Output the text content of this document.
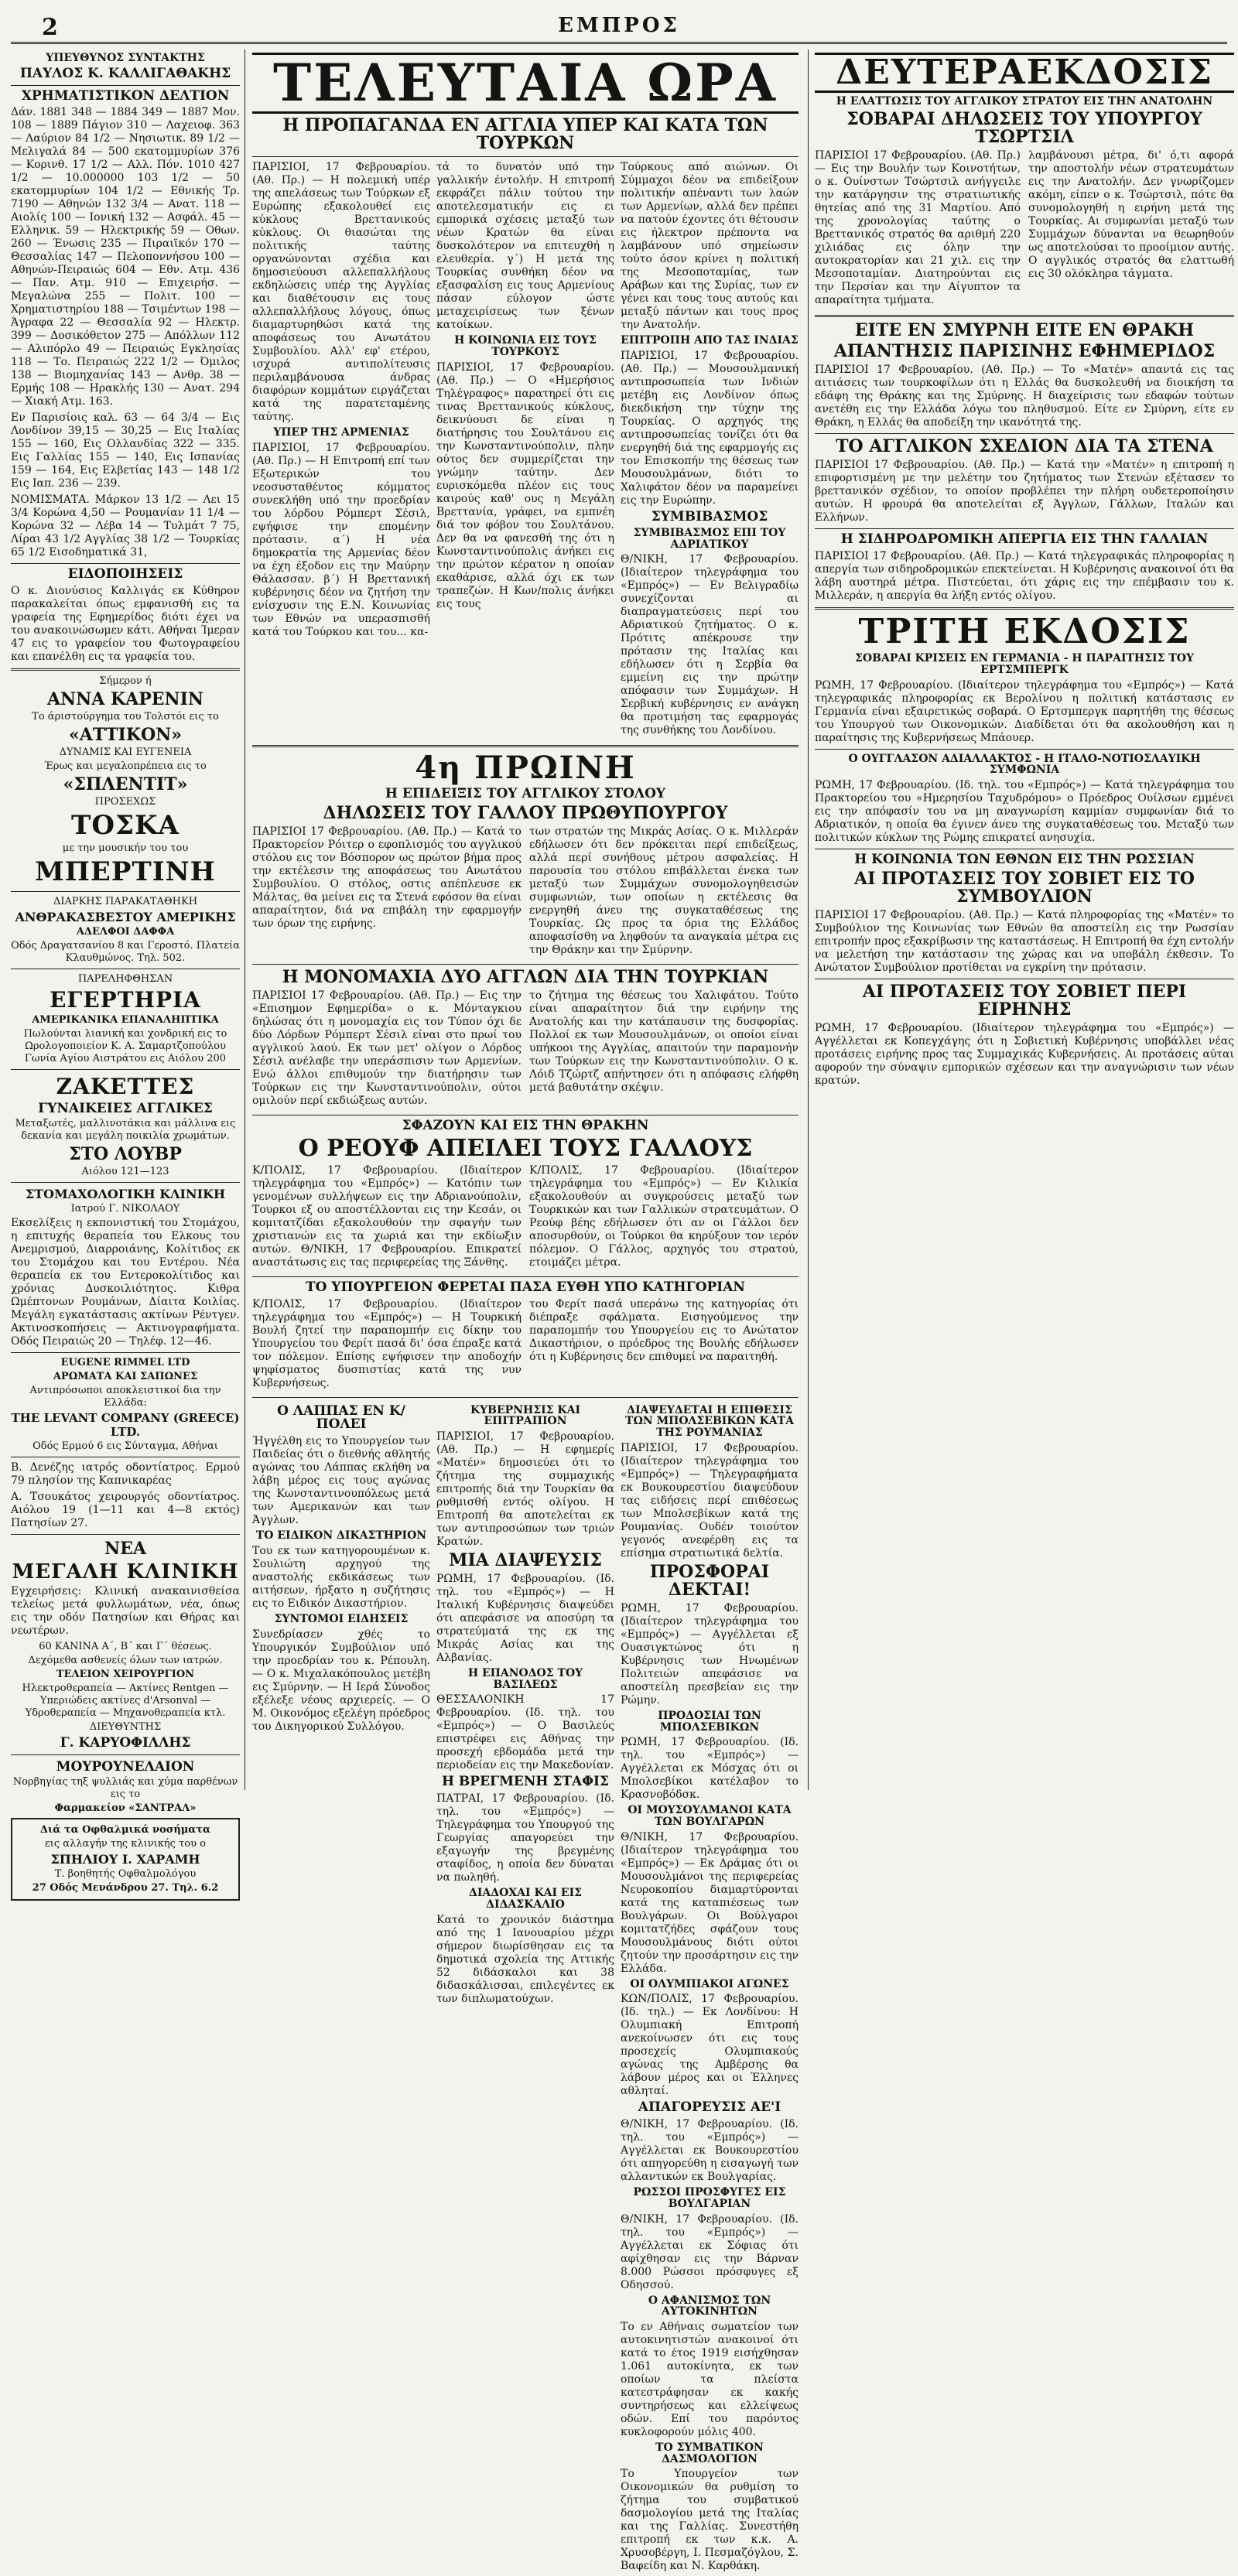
2	ΕΜΠΡΟΣ
ΥΠΕΥΘΥΝΟΣ ΣΥΝΤΑΚΤΗΣ
ΠΑΥΛΟΣ Κ. ΚΑΛΛΙΓΑΘΑΚΗΣ
ΧΡΗΜΑΤΙΣΤΙΚΟΝ ΔΕΛΤΙΟΝ

Δάν. 1881 348 — 1884 349 — 1887 Μον. 108 — 1889 Πάγιον 310 — Λαχειοφ. 363 — Λαύριον 84 1/2 — Νησιωτικ. 89 1/2 — Μελιγαλά 84 — 500 εκατομμυρίων 376 — Κορινθ. 17 1/2 — Αλλ. Πόν. 1010 427 1/2 — 10.000000 103 1/2 — 50 εκατομμυρίων 104 1/2 — Εθνικής Τρ. 7190 — Αθηνών 132 3/4 — Ανατ. 118 — Αιολίς 100 — Ιονική 132 — Ασφάλ. 45 — Ελληνικ. 59 — Ηλεκτρικής 59 — Οθων. 260 — Ένωσις 235 — Πιραιϊκόν 170 — Θεσσαλίας 147 — Πελοποννήσου 100 — Αθηνών-Πειραιώς 604 — Εθν. Ατμ. 436 — Παν. Ατμ. 910 — Επιχειρήσ. — Μεγαλώνα 255 — Πολιτ. 100 — Χρηματιστηρίου 188 — Τσιμέντων 198 — Άγραφα 22 — Θεσσαλία 92 — Ηλεκτρ. 399 — Δοσικόθετον 275 — Απόλλων 112 — Αλιπόρλο 49 — Πειραιώς Εγκλησίας 118 — Το. Πειραιώς 222 1/2 — Όμιλος 138 — Βιομηχανίας 143 — Ανθρ. 38 — Ερμής 108 — Ηρακλής 130 — Ανατ. 294 — Χιακή Ατμ. 163.

Εν Παρισίοις καλ. 63 — 64 3/4 — Εις Λονδίνον 39,15 — 30,25 — Εις Ιταλίας 155 — 160, Εις Ολλανδίας 322 — 335. Εις Γαλλίας 155 — 140, Εις Ισπανίας 159 — 164, Εις Ελβετίας 143 — 148 1/2 Εις Ιαπ. 236 — 239.

ΝΟΜΙΣΜΑΤΑ. Μάρκον 13 1/2 — Λει 15 3/4 Κορώνα 4,50 — Ρουμανίαν 11 1/4 — Κορώνα 32 — Λέβα 14 — Τυλμάτ 7 75, Λίραι 43 1/2 Αγγλίας 38 1/2 — Τουρκίας 65 1/2 Εισοδηματικά 31,

ΕΙΔΟΠΟΙΗΣΕΙΣ

Ο κ. Διονύσιος Καλλιγάς εκ Κύθηρον παρακαλείται όπως εμφανισθή εις τα γραφεία της Εφημερίδος διότι έχει να του ανακοινώσωμεν κάτι. Αθήναι Ίμεραν 47 εις το γραφείον του Φωτογραφείου και επανέλθη εις τα γραφεία του.

Σήμερον ή
ΑΝΝΑ ΚΑΡΕΝΙΝ
Το άριστούργημα του Τολστόι εις το
«ΑΤΤΙΚΟΝ»
ΔΥΝΑΜΙΣ ΚΑΙ ΕΥΓΕΝΕΙΑ
Έρως και μεγαλοπρέπεια εις το
«ΣΠΛΕΝΤΙΤ»
ΠΡΟΣΕΧΩΣ
ΤΟΣΚΑ
με την μουσικήν του του
ΜΠΕΡΤΙΝΗ
ΔΙΑΡΚΗΣ ΠΑΡΑΚΑΤΑΘΗΚΗ
ΑΝΘΡΑΚΑΣΒΕΣΤΟΥ ΑΜΕΡΙΚΗΣ
ΑΔΕΛΦΟΙ ΔΑΦΦΑ
Οδός Δραγατσανίου 8 και Γεροστό. Πλατεία Κλαυθμώνος. Τηλ. 502.
ΠΑΡΕΛΗΦΘΗΣΑΝ
ΕΓΕΡΤΗΡΙΑ
ΑΜΕΡΙΚΑΝΙΚΑ ΕΠΑΝΑΛΗΠΤΙΚΑ
Πωλούνται λιανική και χονδρική εις το Ωρολογοποιείον Κ. Α. Σαμαρτζοπούλου Γωνία Αγίου Αιστράτου εις Αιόλου 200
ΖΑΚΕΤΤΕΣ
ΓΥΝΑΙΚΕΙΕΣ ΑΓΓΛΙΚΕΣ
Μεταξωτές, μαλλινοτάκια και μάλλινα εις δεκανία και μεγάλη ποικιλία χρωμάτων.
ΣΤΟ ΛΟΥΒΡ
Αιόλου 121—123
ΣΤΟΜΑΧΟΛΟΓΙΚΗ ΚΛΙΝΙΚΗ
Ιατρού Γ. ΝΙΚΟΛΑΟΥ

Εκσελίξεις η εκπονιστική του Στομάχου, η επιτυχής θεραπεία του Ελκους του Ανεμρισμού, Διαρροιάνης, Κολίτιδος εκ του Στομάχου και του Εντέρου. Νέα θεραπεία εκ του Εντεροκολίτιδος και χρόνιας Δυσκοιλιότητος. Κιθρα Ωμέπτονων Ρουμάνων, Δίαιτα Κοιλίας. Μεγάλη εγκατάστασις ακτίνων Ρέντγεν. Ακτινοσκοπήσεις — Ακτινογραφήματα. Οδός Πειραιώς 20 — Τηλέφ. 12—46.

EUGENE RIMMEL LTD
ΑΡΩΜΑΤΑ ΚΑΙ ΣΑΠΩΝΕΣ
Αντιπρόσωποι αποκλειστικοί δια την Ελλάδα:
THE LEVANT COMPANY (GREECE) LTD.
Οδός Ερμού 6 εις Σύνταγμα, Αθήναι

Β. Δενέζης ιατρός οδοντίατρος. Ερμού 79 πλησίον της Καπνικαρέας

Α. Τσουκάτος χειρουργός οδοντίατρος. Αιόλου 19 (1—11 και 4—8 εκτός) Πατησίων 27.

ΝΕΑ
ΜΕΓΑΛΗ ΚΛΙΝΙΚΗ

Εγχειρήσεις: Κλινική ανακαινισθείσα τελείως μετά φυλλωμάτων, νέα, όπως εις την οδόν Πατησίων και Θήρας και νεωτέρων.

60 ΚΑΝΙΝΑ Α΄, Β΄ και Γ΄ θέσεως.
Δεχόμεθα ασθενείς όλων των ιατρών.
ΤΕΛΕΙΟΝ ΧΕΙΡΟΥΡΓΙΟΝ
Ηλεκτροθεραπεία — Ακτίνες Rentgen — Υπεριώδεις ακτίνες d'Arsonval — Υδροθεραπεία — Μηχανοθεραπεία κτλ.
ΔΙΕΥΘΥΝΤΗΣ
Γ. ΚΑΡΥΟΦΙΛΛΗΣ
ΜΟΥΡΟΥΝΕΛΑΙΟΝ
Νορβηγίας τηξ ψυλλιάς και χύμα παρθένων εις το
Φαρμακείον «ΣΑΝΤΡΑΛ»
Διά τα Οφθαλμικά νοσήματα
εις αλλαγήν της κλινικής του ο
ΣΠΗΛΙΟΥ Ι. ΧΑΡΑΜΗ
Τ. βοηθητής Οφθαλμολόγου
27 Οδός Μενάνδρου 27. Τηλ. 6.2
ΤΕΛΕΥΤΑΙΑ ΩΡΑ
Η ΠΡΟΠΑΓΑΝΔΑ ΕΝ ΑΓΓΛΙΑ ΥΠΕΡ ΚΑΙ ΚΑΤΑ ΤΩΝ ΤΟΥΡΚΩΝ

ΠΑΡΙΣΙΟΙ, 17 Φεβρουαρίου. (Αθ. Πρ.) — Η πολεμική υπέρ της απελάσεως των Τούρκων εξ Ευρώπης εξακολουθεί εις κύκλους Βρεττανικούς κύκλους. Οι θιασώται της πολιτικής ταύτης οργανώνονται σχέδια και δημοσιεύουσι αλλεπαλλήλους εκδηλώσεις υπέρ της Αγγλίας και διαθέτουσιν εις τους αλλεπαλλήλους λόγους, όπως διαμαρτυρηθώσι κατά της αποφάσεως του Ανωτάτου Συμβουλίου. Αλλ' εφ' ετέρου, ισχυρά αντιπολίτευσις περιλαμβάνουσα άνδρας διαφόρων κομμάτων ειργάζεται κατά της παρατεταμένης ταύτης.

ΥΠΕΡ ΤΗΣ ΑΡΜΕΝΙΑΣ

ΠΑΡΙΣΙΟΙ, 17 Φεβρουαρίου. (Αθ. Πρ.) — Η Επιτροπή επί των Εξωτερικών του νεοσυσταθέντος κόμματος συνεκλήθη υπό την προεδρίαν του λόρδου Ρόμπερτ Σέσιλ, εψήφισε την επομένην πρότασιν. α΄) Η νέα δημοκρατία της Αρμενίας δέον να έχη έξοδον εις την Μαύρην Θάλασσαν. β΄) Η Βρεττανική κυβέρνησις δέον να ζητήση την ενίσχυσιν της Ε.Ν. Κοινωνίας των Εθνών να υπερασπισθή κατά του Τούρκου και του... κα-

τά το δυνατόν υπό την γαλλικήν έντολήν. Η επιτροπή εκφράζει πάλιν τούτου την αποτελεσματικήν εις ει εμπορικά σχέσεις μεταξύ των νέων Κρατών θα είναι δυσκολότερον να επιτευχθή η ελευθερία. γ΄) Η μετά της Τουρκίας συνθήκη δέον να εξασφαλίση εις τους Αρμενίους πάσαν εύλογον ώστε μεταχειρίσεως των ξένων κατοίκων.

Η ΚΟΙΝΩΝΙΑ ΕΙΣ ΤΟΥΣ ΤΟΥΡΚΟΥΣ

ΠΑΡΙΣΙΟΙ, 17 Φεβρουαρίου. (Αθ. Πρ.) — Ο «Ημερήσιος Τηλέγραφος» παρατηρεί ότι εις τινας Βρεττανικούς κύκλους, δεικνύουσι δε είναι η διατήρησις του Σουλτάνου εις την Κωνσταντινούπολιν, πλην ούτος δεν συμμερίζεται την γνώμην ταύτην. Δεν ευρισκόμεθα πλέον εις τους καιρούς καθ' ους η Μεγάλη Βρεττανία, γράφει, να εμπνέη διά τον φόβον του Σουλτάνου. Δεν θα να φανεσθή της ότι η Κωνσταντινούπολις άνήκει εις την πρώτον κέρατον η οποίαν εκαθάρισε, αλλά όχι εκ των τραπεζών. Η Κων/πολις άνήκει εις τους

Τούρκους από αιώνων. Οι Σύμμαχοι δέον να επιδείξουν πολιτικήν απέναντι των λαών των Αρμενίων, αλλά δεν πρέπει να πατούν έχοντες ότι θέτουσιν εις ήλεκτρον πρέποντα να λαμβάνουν υπό σημείωσιν τούτο όσον κρίνει η πολιτική της Μεσοποταμίας, των Αράβων και της Συρίας, των εν γένει και τους τους αυτούς και μεταξύ πάντων και τους προς την Ανατολήν.

ΕΠΙΤΡΟΠΗ ΑΠΟ ΤΑΣ ΙΝΔΙΑΣ

ΠΑΡΙΣΙΟΙ, 17 Φεβρουαρίου. (Αθ. Πρ.) — Μουσουλμανική αντιπροσωπεία των Ινδιών μετέβη εις Λονδίνον όπως διεκδικήση την τύχην της Τουρκίας. Ο αρχηγός της αντιπροσωπείας τονίζει ότι θα ενεργηθή διά της εφαρμογής εις τον Επισκοπήν της θέσεως των Μουσουλμάνων, διότι το Χαλιφάτον δέον να παραμείνει εις την Ευρώπην.

ΣΥΜΒΙΒΑΣΜΟΣ
ΣΥΜΒΙΒΑΣΜΟΣ ΕΠΙ ΤΟΥ ΑΔΡΙΑΤΙΚΟΥ

Θ/ΝΙΚΗ, 17 Φεβρουαρίου. (Ιδιαίτερον τηλεγράφημα του «Εμπρός») — Εν Βελιγραδίω συνεχίζονται αι διαπραγματεύσεις περί του Αδριατικού ζητήματος. Ο κ. Πρότιτς απέκρουσε την πρότασιν της Ιταλίας και εδήλωσεν ότι η Σερβία θα εμμείνη εις την πρώτην απόφασιν των Συμμάχων. Η Σερβική κυβέρνησις εν ανάγκη θα προτιμήση τας εφαρμογάς της συνθήκης του Λονδίνου.

4η ΠΡΩΙΝΗ
Η ΕΠΙΔΕΙΞΙΣ ΤΟΥ ΑΓΓΛΙΚΟΥ ΣΤΟΛΟΥ
ΔΗΛΩΣΕΙΣ ΤΟΥ ΓΑΛΛΟΥ ΠΡΩΘΥΠΟΥΡΓΟΥ

ΠΑΡΙΣΙΟΙ 17 Φεβρουαρίου. (Αθ. Πρ.) — Κατά το Πρακτορείον Ρόιτερ ο εφοπλισμός του αγγλικού στόλου εις τον Βόσπορον ως πρώτον βήμα προς την εκτέλεσιν της αποφάσεως του Ανωτάτου Συμβουλίου. Ο στόλος, οστις απέπλευσε εκ Μάλτας, θα μείνει εις τα Στενά εφόσον θα είναι απαραίτητον, διά να επιβάλη την εφαρμογήν των όρων της ειρήνης.

των στρατών της Μικράς Ασίας. Ο κ. Μιλλεράν εδήλωσεν ότι δεν πρόκειται περί επιδείξεως, αλλά περί συνήθους μέτρου ασφαλείας. Η παρουσία του στόλου επιβάλλεται ένεκα των μεταξύ των Συμμάχων συνομολογηθεισών συμφωνιών, των οποίων η εκτέλεσις θα ενεργηθή άνευ της συγκαταθέσεως της Τουρκίας. Ως προς τα όρια της Ελλάδος αποφασίσθη να ληφθούν τα αναγκαία μέτρα εις την Θράκην και την Σμύρνην.

Η ΜΟΝΟΜΑΧΙΑ ΔΥΟ ΑΓΓΛΩΝ ΔΙΑ ΤΗΝ ΤΟΥΡΚΙΑΝ

ΠΑΡΙΣΙΟΙ 17 Φεβρουαρίου. (Αθ. Πρ.) — Εις την «Επισημον Εφημερίδα» ο κ. Μόνταγκιου δηλώσας ότι η μονομαχία εις τον Τύπον όχι δε δύο Λόρδων Ρόμπερτ Σέσιλ είναι στο πρωί του αγγλικού λαού. Εκ των μετ' ολίγον ο Λόρδος Σέσιλ ανέλαβε την υπεράσπισιν των Αρμενίων. Ενώ άλλοι επιθυμούν την διατήρησιν των Τούρκων εις την Κωνσταντινούπολιν, ούτοι ομιλούν περί εκδιώξεως αυτών.

το ζήτημα της θέσεως του Χαλιφάτου. Τούτο είναι απαραίτητον διά την ειρήνην της Ανατολής και την κατάπαυσιν της δυσφορίας. Πολλοί εκ των Μουσουλμάνων, οι οποίοι είναι υπήκοοι της Αγγλίας, απαιτούν την παραμονήν των Τούρκων εις την Κωνσταντινούπολιν. Ο κ. Λόιδ Τζώρτζ απήντησεν ότι η απόφασις ελήφθη μετά βαθυτάτην σκέψιν.

ΣΦΑΖΟΥΝ ΚΑΙ ΕΙΣ ΤΗΝ ΘΡΑΚΗΝ
Ο ΡΕΟΥΦ ΑΠΕΙΛΕΙ ΤΟΥΣ ΓΑΛΛΟΥΣ

Κ/ΠΟΛΙΣ, 17 Φεβρουαρίου. (Ιδιαίτερον τηλεγράφημα του «Εμπρός») — Κατόπιν των γενομένων συλλήψεων εις την Αδριανούπολιν, Τουρκοι εξ ου αποστέλλονται εις την Κεσάν, οι κομιτατζίδαι εξακολουθούν την σφαγήν των χριστιανών εις τα χωριά και την εκδίωξιν αυτών. Θ/ΝΙΚΗ, 17 Φεβρουαρίου. Επικρατεί αναστάτωσις εις τας περιφερείας της Ξάνθης.

Κ/ΠΟΛΙΣ, 17 Φεβρουαρίου. (Ιδιαίτερον τηλεγράφημα του «Εμπρός») — Εν Κιλικία εξακολουθούν αι συγκρούσεις μεταξύ των Τουρκικών και των Γαλλικών στρατευμάτων. Ο Ρεούφ βέης εδήλωσεν ότι αν οι Γάλλοι δεν αποσυρθούν, οι Τούρκοι θα κηρύξουν τον ιερόν πόλεμον. Ο Γάλλος, αρχηγός του στρατού, ετοιμάζει μέτρα.

ΤΟ ΥΠΟΥΡΓΕΙΟΝ ΦΕΡΕΤΑΙ ΠΑΣΑ ΕΥΘΗ ΥΠΟ ΚΑΤΗΓΟΡΙΑΝ

Κ/ΠΟΛΙΣ, 17 Φεβρουαρίου. (Ιδιαίτερον τηλεγράφημα του «Εμπρός») — Η Τουρκική Βουλή ζητεί την παραπομπήν εις δίκην του Υπουργείου του Φερίτ πασά δι' όσα έπραξε κατά τον πόλεμον. Επίσης εψήφισεν την αποδοχήν ψηφίσματος δυσπιστίας κατά της νυν Κυβερνήσεως.

του Φερίτ πασά υπεράνω της κατηγορίας ότι διέπραξε σφάλματα. Εισηγούμενος την παραπομπήν του Υπουργείου εις το Ανώτατον Δικαστήριον, ο πρόεδρος της Βουλής εδήλωσεν ότι η Κυβέρνησις δεν επιθυμεί να παραιτηθή.

Ο ΛΑΠΠΑΣ ΕΝ Κ/ΠΟΛΕΙ

Ήγγέλθη εις το Υπουργείον των Παιδείας ότι ο διεθνής αθλητής αγώνας του Λάππας εκλήθη να λάβη μέρος εις τους αγώνας της Κωνσταντινουπόλεως μετά των Αμερικανών και των Άγγλων.

ΤΟ ΕΙΔΙΚΟΝ ΔΙΚΑΣΤΗΡΙΟΝ

Του εκ των κατηγορουμένων κ. Σουλιώτη αρχηγού της αναστολής εκδικάσεως των αιτήσεων, ήρξατο η συζήτησις εις το Ειδικόν Δικαστήριον.

ΣΥΝΤΟΜΟΙ ΕΙΔΗΣΕΙΣ

Συνεδρίασεν χθές το Υπουργικόν Συμβούλιον υπό την προεδρίαν του κ. Ρέπουλη. — Ο κ. Μιχαλακόπουλος μετέβη εις Σμύρνην. — Η Ιερά Σύνοδος εξέλεξε νέους αρχιερείς. — Ο Μ. Οικονόμος εξελέγη πρόεδρος του Δικηγορικού Συλλόγου.

ΚΥΒΕΡΝΗΣΙΣ ΚΑΙ ΕΠΙΤΡΑΠΙΟΝ

ΠΑΡΙΣΙΟΙ, 17 Φεβρουαρίου. (Αθ. Πρ.) — Η εφημερίς «Ματέν» δημοσιεύει ότι το ζήτημα της συμμαχικής επιτροπής διά την Τουρκίαν θα ρυθμισθή εντός ολίγου. Η Επιτροπή θα αποτελείται εκ των αντιπροσώπων των τριών Κρατών.

ΜΙΑ ΔΙΑΨΕΥΣΙΣ

ΡΩΜΗ, 17 Φεβρουαρίου. (Ιδ. τηλ. του «Εμπρός») — Η Ιταλική Κυβέρνησις διαψεύδει ότι απεφάσισε να αποσύρη τα στρατεύματά της εκ της Μικράς Ασίας και της Αλβανίας.

Η ΕΠΑΝΟΔΟΣ ΤΟΥ ΒΑΣΙΛΕΩΣ

ΘΕΣΣΑΛΟΝΙΚΗ 17 Φεβρουαρίου. (Ιδ. τηλ. του «Εμπρός») — Ο Βασιλεύς επιστρέφει εις Αθήνας την προσεχή εβδομάδα μετά την περιοδείαν εις την Μακεδονίαν.

Η ΒΡΕΓΜΕΝΗ ΣΤΑΦΙΣ

ΠΑΤΡΑΙ, 17 Φεβρουαρίου. (Ιδ. τηλ. του «Εμπρός») — Τηλεγράφημα του Υπουργού της Γεωργίας απαγορεύει την εξαγωγήν της βρεγμένης σταφίδος, η οποία δεν δύναται να πωληθή.

ΔΙΑΔΟΧΑΙ ΚΑΙ ΕΙΣ ΔΙΔΑΣΚΑΛΙΟ

Κατά το χρονικόν διάστημα από της 1 Ιανουαρίου μέχρι σήμερον διωρίσθησαν εις τα δημοτικά σχολεία της Αττικής 52 διδάσκαλοι και 38 διδασκάλισσαι, επιλεγέντες εκ των διπλωματούχων.

ΔΙΑΨΕΥΔΕΤΑΙ Η ΕΠΙΘΕΣΙΣ ΤΩΝ ΜΠΟΛΣΕΒΙΚΩΝ ΚΑΤΑ ΤΗΣ ΡΟΥΜΑΝΙΑΣ

ΠΑΡΙΣΙΟΙ, 17 Φεβρουαρίου. (Ιδιαίτερον τηλεγράφημα του «Εμπρός») — Τηλεγραφήματα εκ Βουκουρεστίου διαψεύδουν τας ειδήσεις περί επιθέσεως των Μπολσεβίκων κατά της Ρουμανίας. Ουδέν τοιούτον γεγονός ανεφέρθη εις τα επίσημα στρατιωτικά δελτία.

ΠΡΟΣΦΟΡΑΙ ΔΕΚΤΑΙ!

ΡΩΜΗ, 17 Φεβρουαρίου. (Ιδιαίτερον τηλεγράφημα του «Εμπρός») — Αγγέλλεται εξ Ουασιγκτώνος ότι η Κυβέρνησις των Ηνωμένων Πολιτειών απεφάσισε να αποστείλη πρεσβείαν εις την Ρώμην.

ΠΡΟΔΟΣΙΑΙ ΤΩΝ ΜΠΟΛΣΕΒΙΚΩΝ

ΡΩΜΗ, 17 Φεβρουαρίου. (Ιδ. τηλ. του «Εμπρός») — Αγγέλλεται εκ Μόσχας ότι οι Μπολσεβίκοι κατέλαβον το Κρασνοβόδσκ.

ΟΙ ΜΟΥΣΟΥΛΜΑΝΟΙ ΚΑΤΑ ΤΩΝ ΒΟΥΛΓΑΡΩΝ

Θ/ΝΙΚΗ, 17 Φεβρουαρίου. (Ιδιαίτερον τηλεγράφημα του «Εμπρός») — Εκ Δράμας ότι οι Μουσουλμάνοι της περιφερείας Νευροκοπίου διαμαρτύρονται κατά της καταπιέσεως των Βουλγάρων. Οι Βούλγαροι κομιτατζήδες σφάζουν τους Μουσουλμάνους διότι ούτοι ζητούν την προσάρτησιν εις την Ελλάδα.

ΟΙ ΟΛΥΜΠΙΑΚΟΙ ΑΓΩΝΕΣ

ΚΩΝ/ΠΟΛΙΣ, 17 Φεβρουαρίου. (Ιδ. τηλ.) — Εκ Λονδίνου: Η Ολυμπιακή Επιτροπή ανεκοίνωσεν ότι εις τους προσεχείς Ολυμπιακούς αγώνας της Αμβέρσης θα λάβουν μέρος και οι Έλληνες αθληταί.

ΑΠΑΓΟΡΕΥΣΙΣ ΑΕ'Ι

Θ/ΝΙΚΗ, 17 Φεβρουαρίου. (Ιδ. τηλ. του «Εμπρός») — Αγγέλλεται εκ Βουκουρεστίου ότι απηγορεύθη η εισαγωγή των αλλαντικών εκ Βουλγαρίας.

ΡΩΣΣΟΙ ΠΡΟΣΦΥΓΕΣ ΕΙΣ ΒΟΥΛΓΑΡΙΑΝ

Θ/ΝΙΚΗ, 17 Φεβρουαρίου. (Ιδ. τηλ. του «Εμπρός») — Αγγέλλεται εκ Σόφιας ότι αφίχθησαν εις την Βάρναν 8.000 Ρώσσοι πρόσφυγες εξ Οδησσού.

Ο ΑΦΑΝΙΣΜΟΣ ΤΩΝ ΑΥΤΟΚΙΝΗΤΩΝ

Το εν Αθήναις σωματείον των αυτοκινητιστών ανακοινοί ότι κατά το έτος 1919 εισήχθησαν 1.061 αυτοκίνητα, εκ των οποίων τα πλείστα κατεστράφησαν εκ κακής συντηρήσεως και ελλείψεως οδών. Επί του παρόντος κυκλοφορούν μόλις 400.

ΤΟ ΣΥΜΒΑΤΙΚΟΝ ΔΑΣΜΟΛΟΓΙΟΝ

Το Υπουργείον των Οικονομικών θα ρυθμίση το ζήτημα του συμβατικού δασμολογίου μετά της Ιταλίας και της Γαλλίας. Συνεστήθη επιτροπή εκ των κ.κ. Α. Χρυσοβέργη, Ι. Πεσμαζόγλου, Σ. Βαφείδη και Ν. Καρθάκη.

ΔΕΥΤΕΡΑΕΚΔΟΣΙΣ
Η ΕΛΑΤΤΩΣΙΣ ΤΟΥ ΑΓΓΛΙΚΟΥ ΣΤΡΑΤΟΥ ΕΙΣ ΤΗΝ ΑΝΑΤΟΛΗΝ
ΣΟΒΑΡΑΙ ΔΗΛΩΣΕΙΣ ΤΟΥ ΥΠΟΥΡΓΟΥ ΤΣΩΡΤΣΙΛ

ΠΑΡΙΣΙΟΙ 17 Φεβρουαρίου. (Αθ. Πρ.) — Εις την Βουλήν των Κοινοτήτων, ο κ. Ουίνστων Τσώρτσιλ ανήγγειλε την κατάργησιν της στρατιωτικής θητείας από της 31 Μαρτίου. Από της χρονολογίας ταύτης ο Βρεττανικός στρατός θα αριθμή 220 χιλιάδας εις όλην την αυτοκρατορίαν και 21 χιλ. εις την Μεσοποταμίαν. Διατηρούνται εις την Περσίαν και την Αίγυπτον τα απαραίτητα τμήματα.

λαμβάνουσι μέτρα, δι' ό,τι αφορά την αποστολήν νέων στρατευμάτων εις την Ανατολήν. Δεν γνωρίζομεν ακόμη, είπεν ο κ. Τσώρτσιλ, πότε θα συνομολογηθή η ειρήνη μετά της Τουρκίας. Αι συμφωνίαι μεταξύ των Συμμάχων δύνανται να θεωρηθούν ως αποτελούσαι το προοίμιον αυτής. Ο αγγλικός στρατός θα ελαττωθή εις 30 ολόκληρα τάγματα.

ΕΙΤΕ ΕΝ ΣΜΥΡΝΗ ΕΙΤΕ ΕΝ ΘΡΑΚΗ
ΑΠΑΝΤΗΣΙΣ ΠΑΡΙΣΙΝΗΣ ΕΦΗΜΕΡΙΔΟΣ

ΠΑΡΙΣΙΟΙ 17 Φεβρουαρίου. (Αθ. Πρ.) — Το «Ματέν» απαντά εις τας αιτιάσεις των τουρκοφίλων ότι η Ελλάς θα δυσκολευθή να διοικήση τα εδάφη της Θράκης και της Σμύρνης. Η διαχείρισις των εδαφών τούτων ανετέθη εις την Ελλάδα λόγω του πληθυσμού. Είτε εν Σμύρνη, είτε εν Θράκη, η Ελλάς θα αποδείξη την ικανότητά της.

ΤΟ ΑΓΓΛΙΚΟΝ ΣΧΕΔΙΟΝ ΔΙΑ ΤΑ ΣΤΕΝΑ

ΠΑΡΙΣΙΟΙ 17 Φεβρουαρίου. (Αθ. Πρ.) — Κατά την «Ματέν» η επιτροπή η επιφορτισμένη με την μελέτην του ζητήματος των Στενών εξέτασεν το βρεττανικόν σχέδιον, το οποίον προβλέπει την πλήρη ουδετεροποίησιν αυτών. Η φρουρά θα αποτελείται εξ Άγγλων, Γάλλων, Ιταλών και Ελλήνων.

Η ΣΙΔΗΡΟΔΡΟΜΙΚΗ ΑΠΕΡΓΙΑ ΕΙΣ ΤΗΝ ΓΑΛΛΙΑΝ

ΠΑΡΙΣΙΟΙ 17 Φεβρουαρίου. (Αθ. Πρ.) — Κατά τηλεγραφικάς πληροφορίας η απεργία των σιδηροδρομικών επεκτείνεται. Η Κυβέρνησις ανακοινοί ότι θα λάβη αυστηρά μέτρα. Πιστεύεται, ότι χάρις εις την επέμβασιν του κ. Μιλλεράν, η απεργία θα λήξη εντός ολίγου.

ΤΡΙΤΗ ΕΚΔΟΣΙΣ
ΣΟΒΑΡΑΙ ΚΡΙΣΕΙΣ ΕΝ ΓΕΡΜΑΝΙΑ - Η ΠΑΡΑΙΤΗΣΙΣ ΤΟΥ ΕΡΤΣΜΠΕΡΓΚ

ΡΩΜΗ, 17 Φεβρουαρίου. (Ιδιαίτερον τηλεγράφημα του «Εμπρός») — Κατά τηλεγραφικάς πληροφορίας εκ Βερολίνου η πολιτική κατάστασις εν Γερμανία είναι εξαιρετικώς σοβαρά. Ο Ερτσμπεργκ παρητήθη της θέσεως του Υπουργού των Οικονομικών. Διαδίδεται ότι θα ακολουθήση και η παραίτησις της Κυβερνήσεως Μπάουερ.

Ο ΟΥΓΓΛΑΣΟΝ ΑΔΙΑΛΛΑΚΤΟΣ - Η ΙΤΑΛΟ-ΝΟΤΙΟΣΛΑΥΙΚΗ ΣΥΜΦΩΝΙΑ

ΡΩΜΗ, 17 Φεβρουαρίου. (Ιδ. τηλ. του «Εμπρός») — Κατά τηλεγράφημα του Πρακτορείου του «Ημερησίου Ταχυδρόμου» ο Πρόεδρος Ουίλσων εμμένει εις την απόφασίν του να μη αναγνωρίση καμμίαν συμφωνίαν διά το Αδριατικόν, η οποία θα έγινεν άνευ της συγκαταθέσεως του. Μεταξύ των πολιτικών κύκλων της Ρώμης επικρατεί ανησυχία.

Η ΚΟΙΝΩΝΙΑ ΤΩΝ ΕΘΝΩΝ ΕΙΣ ΤΗΝ ΡΩΣΣΙΑΝ
ΑΙ ΠΡΟΤΑΣΕΙΣ ΤΟΥ ΣΟΒΙΕΤ ΕΙΣ ΤΟ ΣΥΜΒΟΥΛΙΟΝ

ΠΑΡΙΣΙΟΙ 17 Φεβρουαρίου. (Αθ. Πρ.) — Κατά πληροφορίας της «Ματέν» το Συμβούλιον της Κοινωνίας των Εθνών θα αποστείλη εις την Ρωσσίαν επιτροπήν προς εξακρίβωσιν της καταστάσεως. Η Επιτροπή θα έχη εντολήν να μελετήση την κατάστασιν της χώρας και να υποβάλη έκθεσιν. Το Ανώτατον Συμβούλιον προτίθεται να εγκρίνη την πρότασιν.

ΑΙ ΠΡΟΤΑΣΕΙΣ ΤΟΥ ΣΟΒΙΕΤ ΠΕΡΙ ΕΙΡΗΝΗΣ

ΡΩΜΗ, 17 Φεβρουαρίου. (Ιδιαίτερον τηλεγράφημα του «Εμπρός») — Αγγέλλεται εκ Κοπεγχάγης ότι η Σοβιετική Κυβέρνησις υποβάλλει νέας προτάσεις ειρήνης προς τας Συμμαχικάς Κυβερνήσεις. Αι προτάσεις αύται αφορούν την σύναψιν εμπορικών σχέσεων και την αναγνώρισιν των νέων κρατών.
